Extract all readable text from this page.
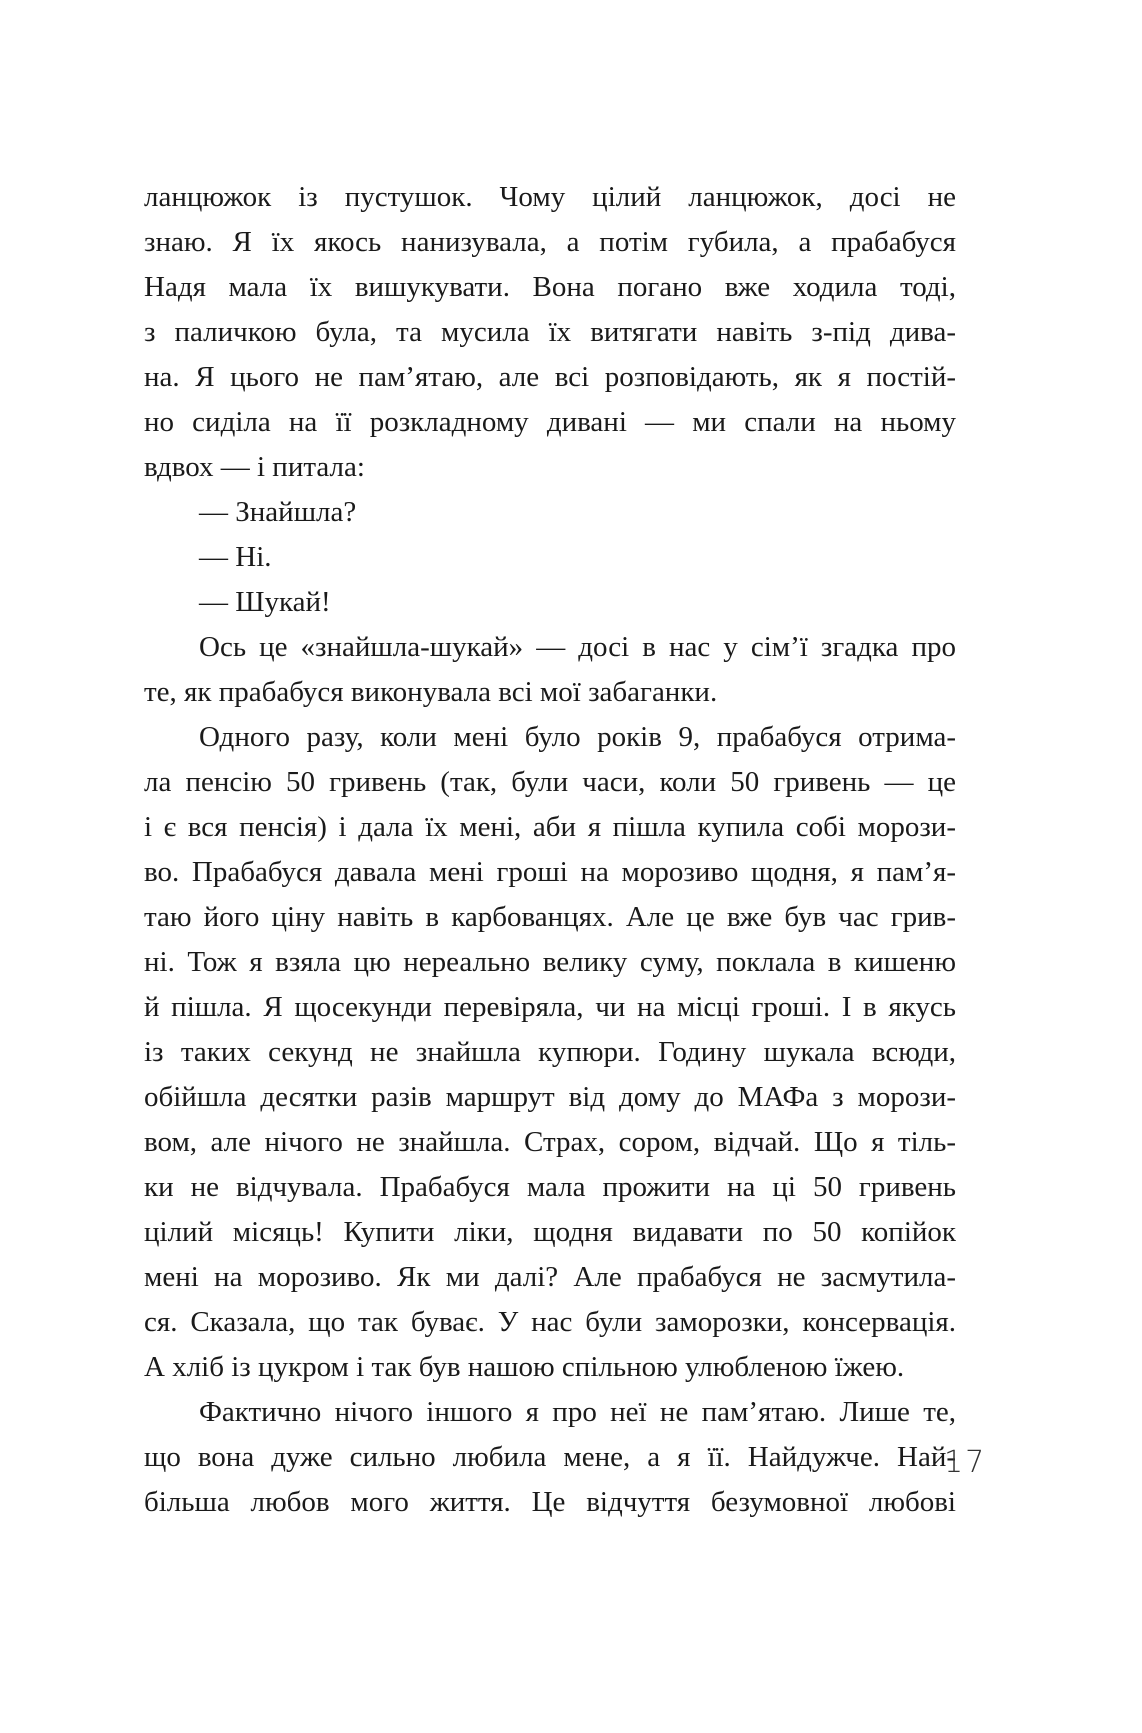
ланцюжок із пустушок. Чому цілий ланцюжок, досі не
знаю. Я їх якось нанизувала, а потім губила, а прабабуся
Надя мала їх вишукувати. Вона погано вже ходила тоді,
з паличкою була, та мусила їх витягати навіть з-під дива-
на. Я цього не пам’ятаю, але всі розповідають, як я постій-
но сиділа на її розкладному дивані — ми спали на ньому
вдвох — і питала:
— Знайшла?
— Ні.
— Шукай!
Ось це «знайшла-шукай» — досі в нас у сім’ї згадка про
те, як прабабуся виконувала всі мої забаганки.
Одного разу, коли мені було років 9, прабабуся отрима-
ла пенсію 50 гривень (так, були часи, коли 50 гривень — це
і є вся пенсія) і дала їх мені, аби я пішла купила собі морози-
во. Прабабуся давала мені гроші на морозиво щодня, я пам’я-
таю його ціну навіть в карбованцях. Але це вже був час грив-
ні. Тож я взяла цю нереально велику суму, поклала в кишеню
й пішла. Я щосекунди перевіряла, чи на місці гроші. І в якусь
із таких секунд не знайшла купюри. Годину шукала всюди,
обійшла десятки разів маршрут від дому до МАФа з морози-
вом, але нічого не знайшла. Страх, сором, відчай. Що я тіль-
ки не відчувала. Прабабуся мала прожити на ці 50 гривень
цілий місяць! Купити ліки, щодня видавати по 50 копійок
мені на морозиво. Як ми далі? Але прабабуся не засмутила-
ся. Сказала, що так буває. У нас були заморозки, консервація.
А хліб із цукром і так був нашою спільною улюбленою їжею.
Фактично нічого іншого я про неї не пам’ятаю. Лише те,
що вона дуже сильно любила мене, а я її. Найдужче. Най-
більша любов мого життя. Це відчуття безумовної любові
17
